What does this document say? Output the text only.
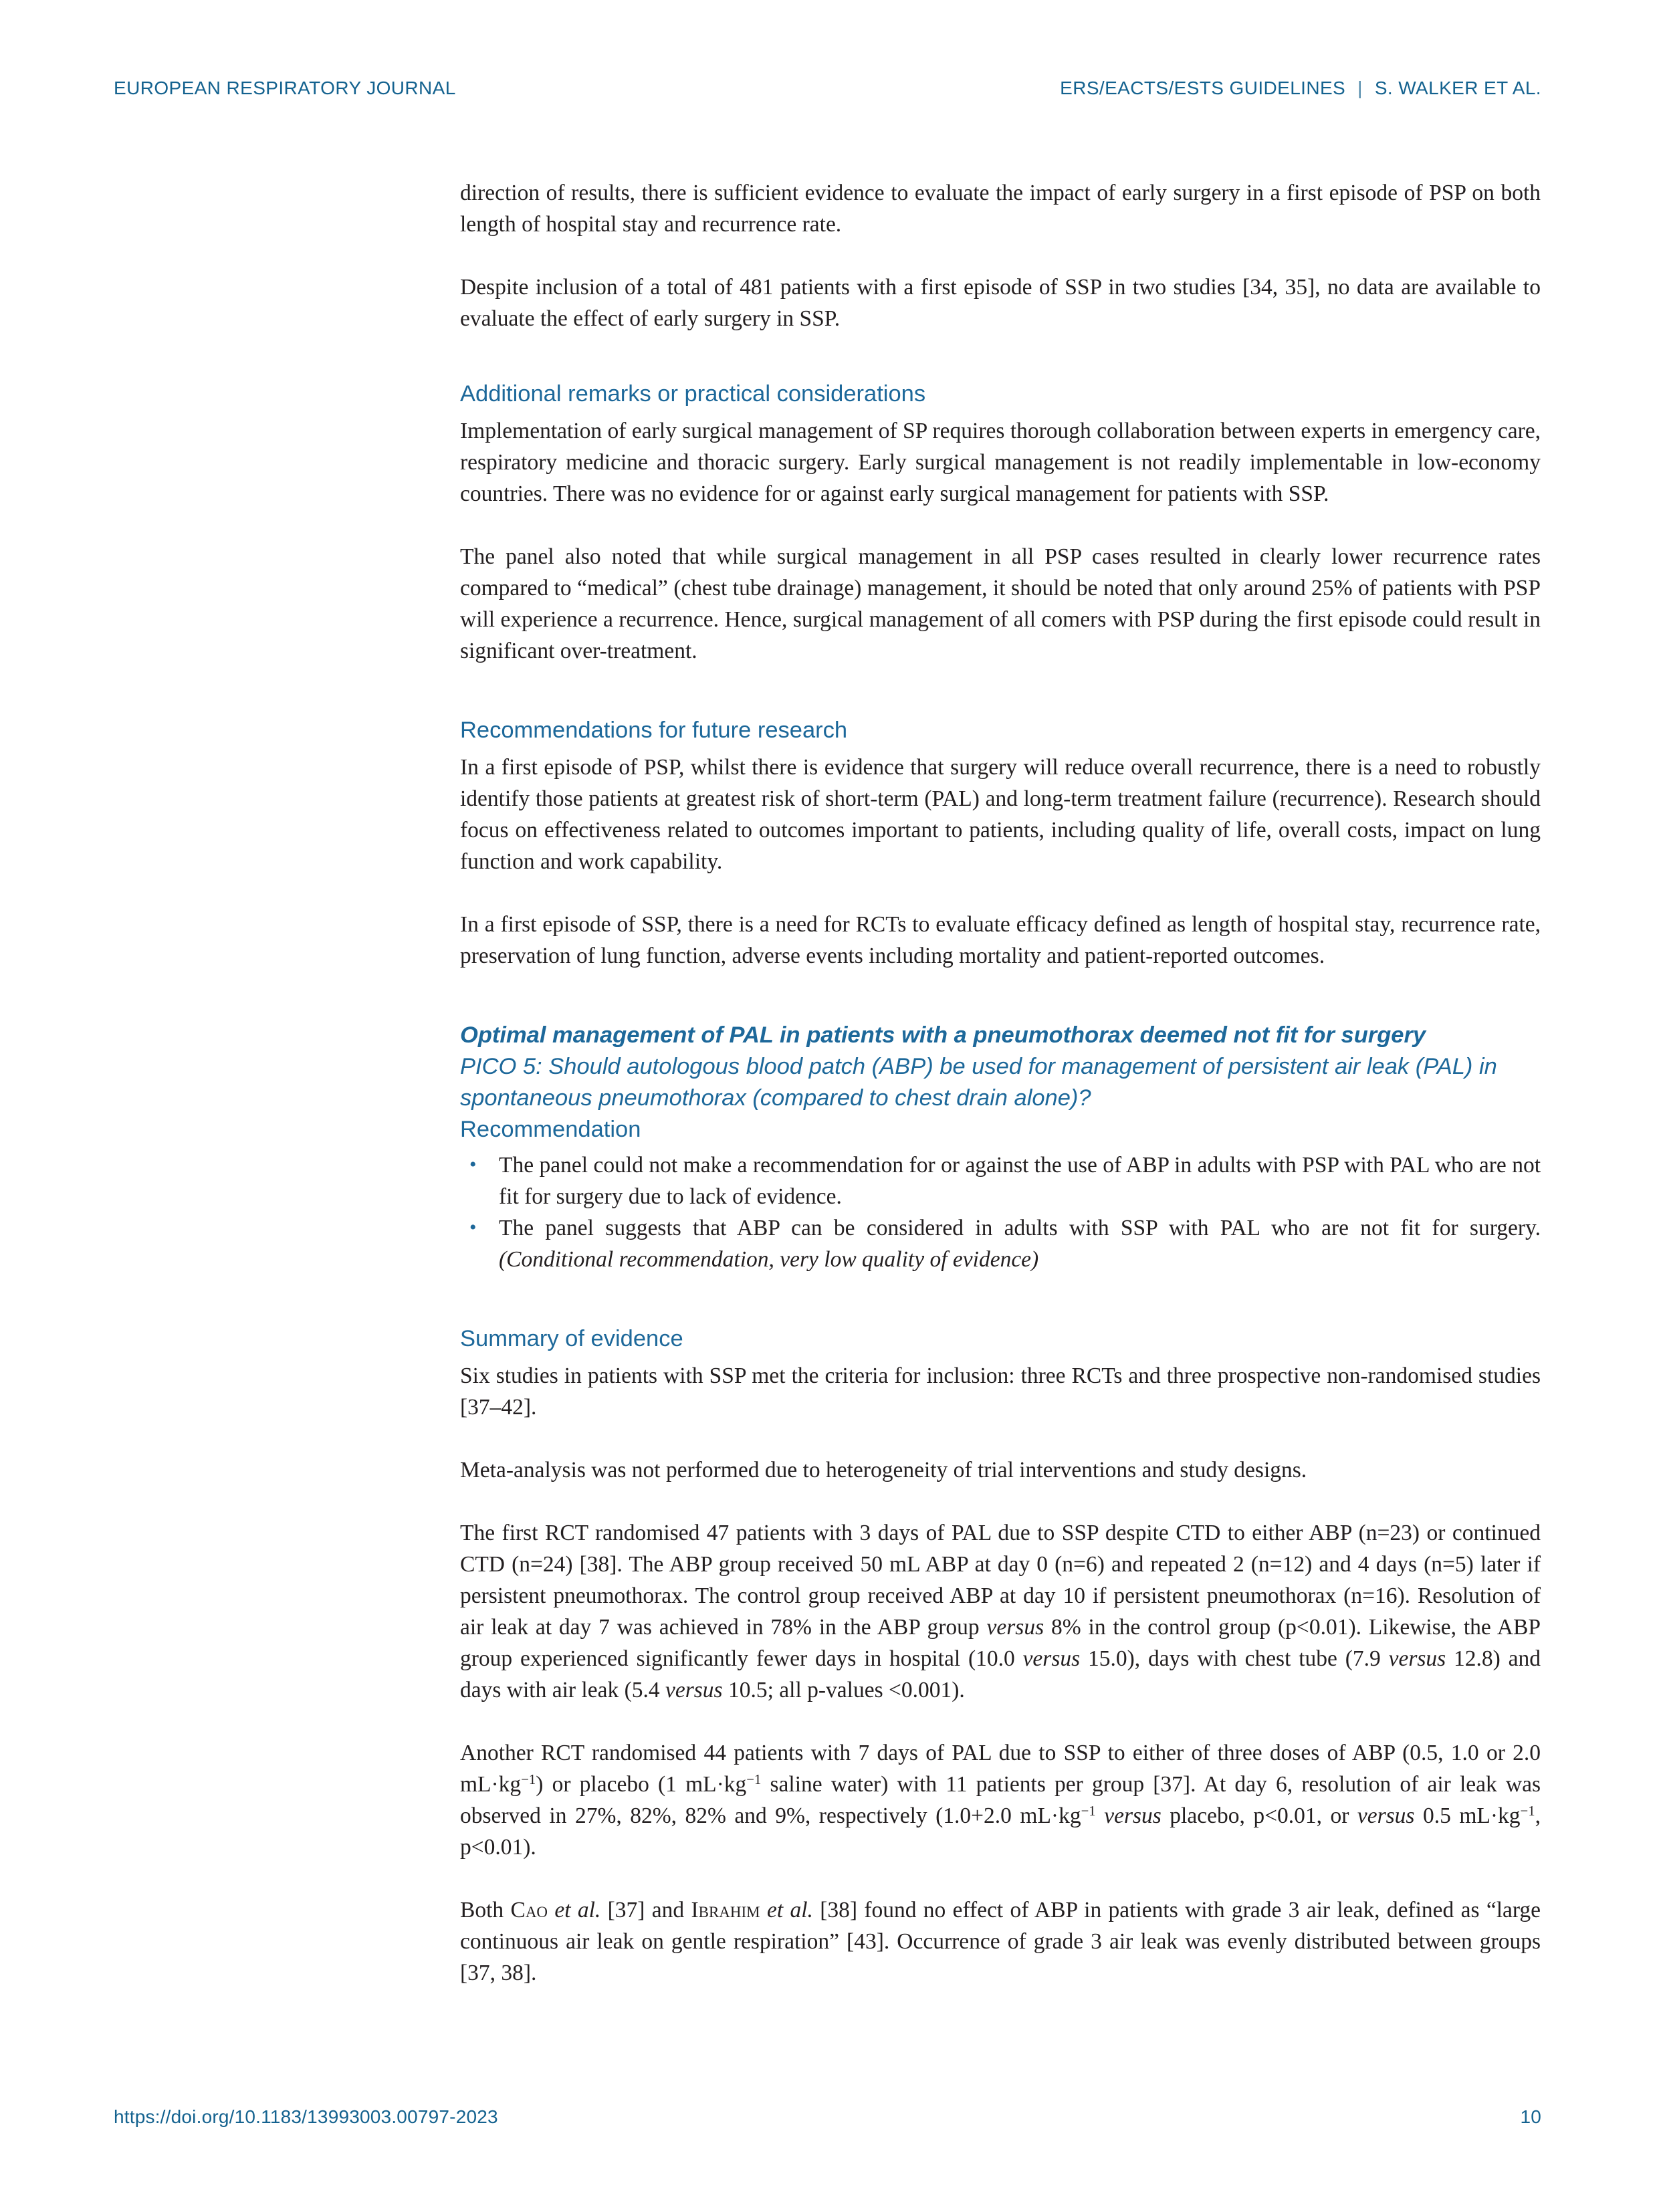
EUROPEAN RESPIRATORY JOURNAL	ERS/EACTS/ESTS GUIDELINES | S. WALKER ET AL.

direction of results, there is sufficient evidence to evaluate the impact of early surgery in a first episode of PSP on both length of hospital stay and recurrence rate.

Despite inclusion of a total of 481 patients with a first episode of SSP in two studies [34, 35], no data are available to evaluate the effect of early surgery in SSP.

Additional remarks or practical considerations

Implementation of early surgical management of SP requires thorough collaboration between experts in emergency care, respiratory medicine and thoracic surgery. Early surgical management is not readily implementable in low-economy countries. There was no evidence for or against early surgical management for patients with SSP.

The panel also noted that while surgical management in all PSP cases resulted in clearly lower recurrence rates compared to “medical” (chest tube drainage) management, it should be noted that only around 25% of patients with PSP will experience a recurrence. Hence, surgical management of all comers with PSP during the first episode could result in significant over-treatment.

Recommendations for future research

In a first episode of PSP, whilst there is evidence that surgery will reduce overall recurrence, there is a need to robustly identify those patients at greatest risk of short-term (PAL) and long-term treatment failure (recurrence). Research should focus on effectiveness related to outcomes important to patients, including quality of life, overall costs, impact on lung function and work capability.

In a first episode of SSP, there is a need for RCTs to evaluate efficacy defined as length of hospital stay, recurrence rate, preservation of lung function, adverse events including mortality and patient-reported outcomes.

Optimal management of PAL in patients with a pneumothorax deemed not fit for surgery

PICO 5: Should autologous blood patch (ABP) be used for management of persistent air leak (PAL) in spontaneous pneumothorax (compared to chest drain alone)?

Recommendation
• The panel could not make a recommendation for or against the use of ABP in adults with PSP with PAL who are not fit for surgery due to lack of evidence.
• The panel suggests that ABP can be considered in adults with SSP with PAL who are not fit for surgery. (Conditional recommendation, very low quality of evidence)
Summary of evidence

Six studies in patients with SSP met the criteria for inclusion: three RCTs and three prospective non-randomised studies [37–42].

Meta-analysis was not performed due to heterogeneity of trial interventions and study designs.

The first RCT randomised 47 patients with 3 days of PAL due to SSP despite CTD to either ABP (n=23) or continued CTD (n=24) [38]. The ABP group received 50 mL ABP at day 0 (n=6) and repeated 2 (n=12) and 4 days (n=5) later if persistent pneumothorax. The control group received ABP at day 10 if persistent pneumothorax (n=16). Resolution of air leak at day 7 was achieved in 78% in the ABP group versus 8% in the control group (p<0.01). Likewise, the ABP group experienced significantly fewer days in hospital (10.0 versus 15.0), days with chest tube (7.9 versus 12.8) and days with air leak (5.4 versus 10.5; all p-values <0.001).

Another RCT randomised 44 patients with 7 days of PAL due to SSP to either of three doses of ABP (0.5, 1.0 or 2.0 $mL\cdot kg^{-1}$) or placebo (1 $mL\cdot kg^{-1}$ saline water) with 11 patients per group [37]. At day 6, resolution of air leak was observed in 27%, 82%, 82% and 9%, respectively (1.0+2.0 $mL\cdot kg^{-1}$ versus placebo, p<0.01, or versus 0.5 $mL\cdot kg^{-1}$, p<0.01).

Both Cao et al. [37] and Ibrahim et al. [38] found no effect of ABP in patients with grade 3 air leak, defined as “large continuous air leak on gentle respiration” [43]. Occurrence of grade 3 air leak was evenly distributed between groups [37, 38].

https://doi.org/10.1183/13993003.00797-2023	10
